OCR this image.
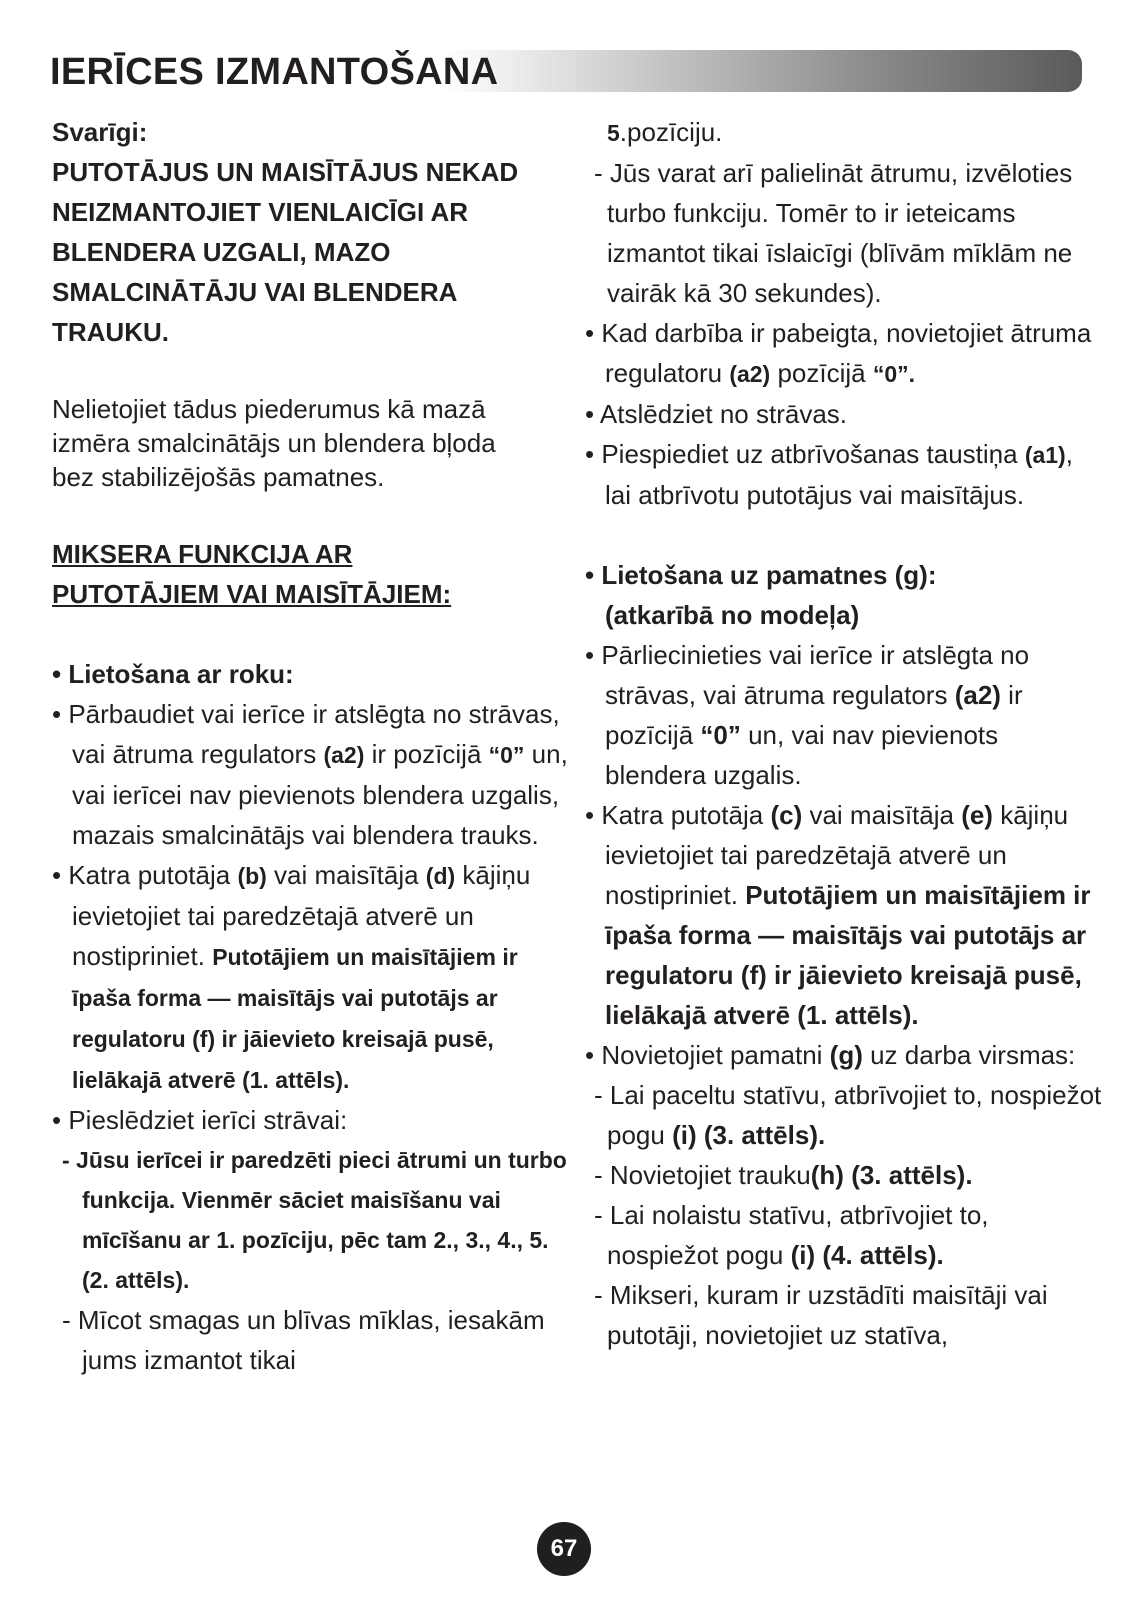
IERĪCES IZMANTOŠANA

Svarīgi:

PUTOTĀJUS UN MAISĪTĀJUS NEKAD NEIZMANTOJIET VIENLAICĪGI AR BLENDERA UZGALI, MAZO SMALCINĀTĀJU VAI BLENDERA TRAUKU.

Nelietojiet tādus piederumus kā mazā izmēra smalcinātājs un blendera bļoda bez stabilizējošās pamatnes.

MIKSERA FUNKCIJA AR

PUTOTĀJIEM VAI MAISĪTĀJIEM:

• Lietošana ar roku:

• Pārbaudiet vai ierīce ir atslēgta no strāvas, vai ātruma regulators (a2) ir pozīcijā “0” un, vai ierīcei nav pievienots blendera uzgalis, mazais smalcinātājs vai blendera trauks.

• Katra putotāja (b) vai maisītāja (d) kājiņu ievietojiet tai paredzētajā atverē un nostipriniet. Putotājiem un maisītājiem ir īpaša forma — maisītājs vai putotājs ar regulatoru (f) ir jāievieto kreisajā pusē, lielākajā atverē (1. attēls).

• Pieslēdziet ierīci strāvai:

- Jūsu ierīcei ir paredzēti pieci ātrumi un turbo funkcija. Vienmēr sāciet maisīšanu vai mīcīšanu ar 1. pozīciju, pēc tam 2., 3., 4., 5. (2. attēls).

- Mīcot smagas un blīvas mīklas, iesakām jums izmantot tikai

5.pozīciju.

- Jūs varat arī palielināt ātrumu, izvēloties turbo funkciju. Tomēr to ir ieteicams izmantot tikai īslaicīgi (blīvām mīklām ne vairāk kā 30 sekundes).

• Kad darbība ir pabeigta, novietojiet ātruma regulatoru (a2) pozīcijā “0”.

• Atslēdziet no strāvas.

• Piespiediet uz atbrīvošanas taustiņa (a1), lai atbrīvotu putotājus vai maisītājus.

• Lietošana uz pamatnes (g):

(atkarībā no modeļa)

• Pārliecinieties vai ierīce ir atslēgta no strāvas, vai ātruma regulators (a2) ir pozīcijā “0” un, vai nav pievienots blendera uzgalis.

• Katra putotāja (c) vai maisītāja (e) kājiņu ievietojiet tai paredzētajā atverē un nostipriniet. Putotājiem un maisītājiem ir īpaša forma — maisītājs vai putotājs ar regulatoru (f) ir jāievieto kreisajā pusē, lielākajā atverē (1. attēls).

• Novietojiet pamatni (g) uz darba virsmas:

- Lai paceltu statīvu, atbrīvojiet to, nospiežot pogu (i) (3. attēls).

- Novietojiet trauku(h) (3. attēls).

- Lai nolaistu statīvu, atbrīvojiet to, nospiežot pogu (i) (4. attēls).

- Mikseri, kuram ir uzstādīti maisītāji vai putotāji, novietojiet uz statīva,

67
